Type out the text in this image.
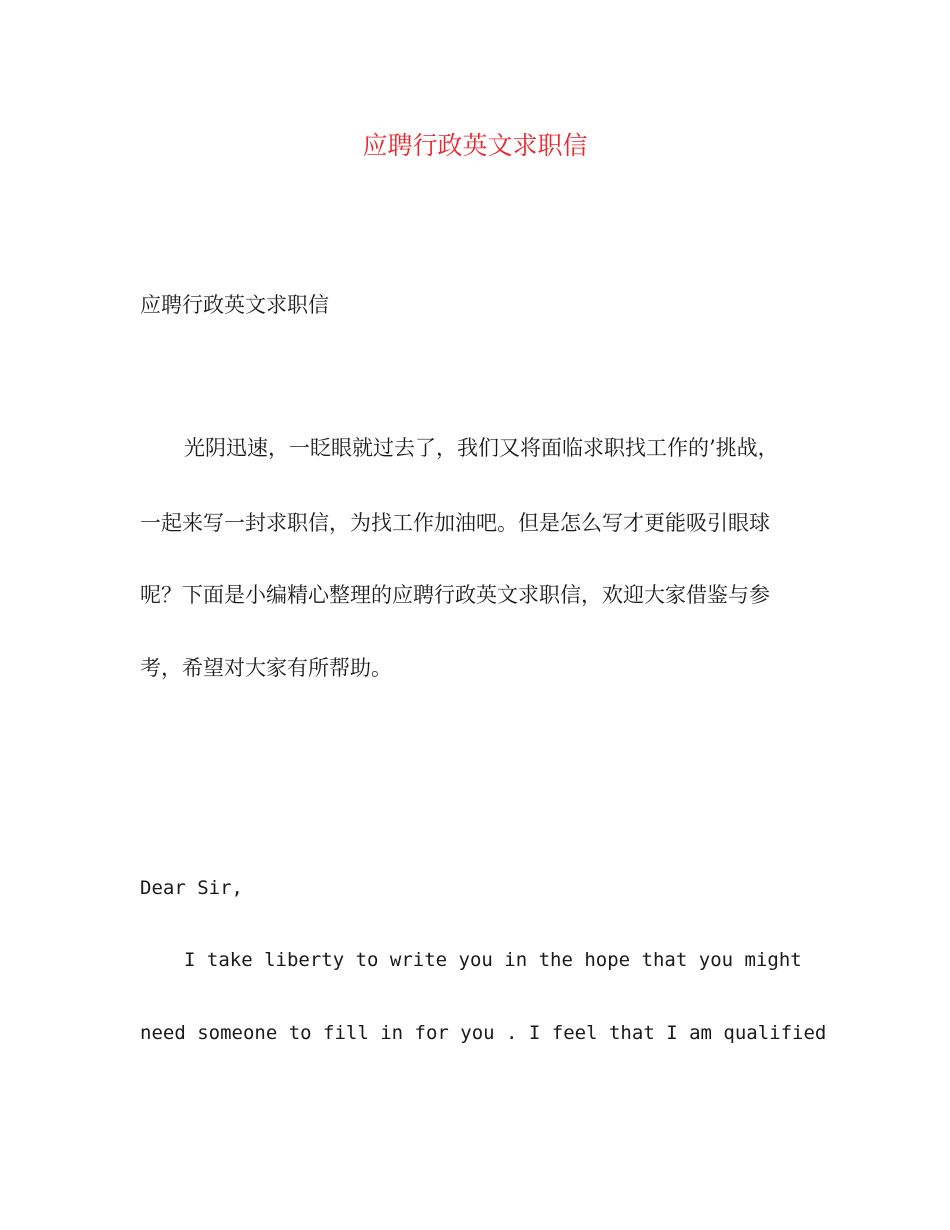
应聘行政英文求职信
应聘行政英文求职信
光阴迅速，一眨眼就过去了，我们又将面临求职找工作的’挑战，
一起来写一封求职信，为找工作加油吧。但是怎么写才更能吸引眼球
呢？下面是小编精心整理的应聘行政英文求职信，欢迎大家借鉴与参
考，希望对大家有所帮助。
Dear Sir,
I take liberty to write you in the hope that you might
need someone to fill in for you . I feel that I am qualified
